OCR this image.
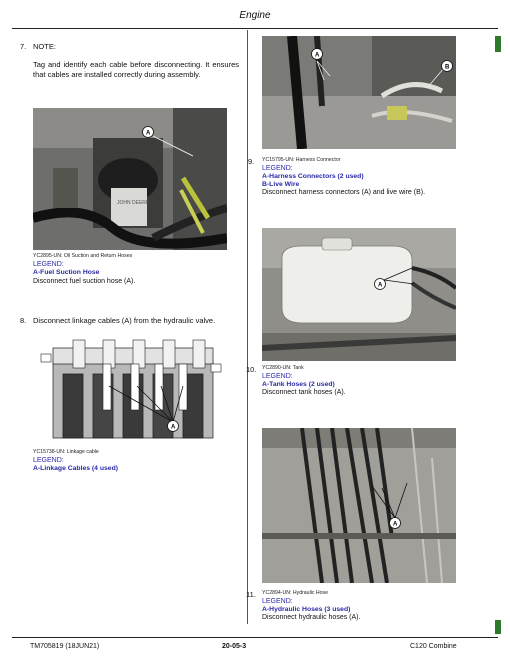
Engine
7. NOTE:
Tag and identify each cable before disconnecting. It ensures that cables are installed correctly during assembly.
JOHN DEERE
A
YC2895-UN: Oil Suction and Return Hoses
LEGEND:
A-Fuel Suction Hose
Disconnect fuel suction hose (A).
8. Disconnect linkage cables (A) from the hydraulic valve.
A
YC15738-UN: Linkage cable
LEGEND:
A-Linkage Cables (4 used)
A
B
9. YC15795-UN: Harness Connector
LEGEND:
A-Harness Connectors (2 used)
B-Live Wire
Disconnect harness connectors (A) and live wire (B).
A
10. YC2890-UN: Tank
LEGEND:
A-Tank Hoses (2 used)
Disconnect tank hoses (A).
A
11. YC2894-UN: Hydraulic Hose
LEGEND:
A-Hydraulic Hoses (3 used)
Disconnect hydraulic hoses (A).
TM705819 (18JUN21)	20-05-3	C120 Combine
